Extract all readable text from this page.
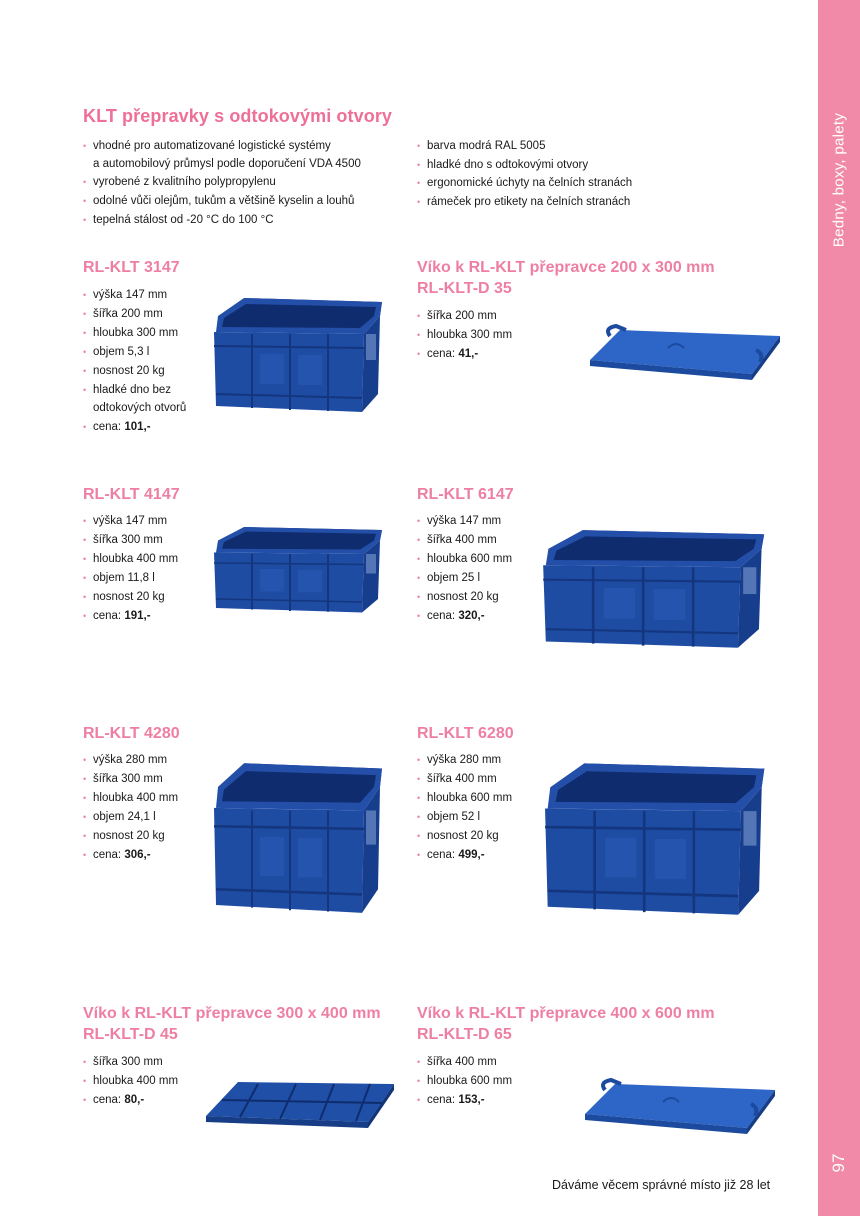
Bedny, boxy, palety
97
KLT přepravky s odtokovými otvory
• vhodné pro automatizované logistické systémy
a automobilový průmysl podle doporučení VDA 4500
• vyrobené z kvalitního polypropylenu
• odolné vůči olejům, tukům a většině kyselin a louhů
• tepelná stálost od -20 °C do 100 °C
• barva modrá RAL 5005
• hladké dno s odtokovými otvory
• ergonomické úchyty na čelních stranách
• rámeček pro etikety na čelních stranách
RL-KLT 3147
• výška 147 mm
• šířka 200 mm
• hloubka 300 mm
• objem 5,3 l
• nosnost 20 kg
• hladké dno bez
odtokových otvorů
• cena: 101,-
Víko k RL-KLT přepravce 200 x 300 mm
RL-KLT-D 35
• šířka 200 mm
• hloubka 300 mm
• cena: 41,-
RL-KLT 4147
• výška 147 mm
• šířka 300 mm
• hloubka 400 mm
• objem 11,8 l
• nosnost 20 kg
• cena: 191,-
RL-KLT 6147
• výška 147 mm
• šířka 400 mm
• hloubka 600 mm
• objem 25 l
• nosnost 20 kg
• cena: 320,-
RL-KLT 4280
• výška 280 mm
• šířka 300 mm
• hloubka 400 mm
• objem 24,1 l
• nosnost 20 kg
• cena: 306,-
RL-KLT 6280
• výška 280 mm
• šířka 400 mm
• hloubka 600 mm
• objem 52 l
• nosnost 20 kg
• cena: 499,-
Víko k RL-KLT přepravce 300 x 400 mm
RL-KLT-D 45
• šířka 300 mm
• hloubka 400 mm
• cena: 80,-
Víko k RL-KLT přepravce 400 x 600 mm
RL-KLT-D 65
• šířka 400 mm
• hloubka 600 mm
• cena: 153,-
Dáváme věcem správné místo již 28 let
